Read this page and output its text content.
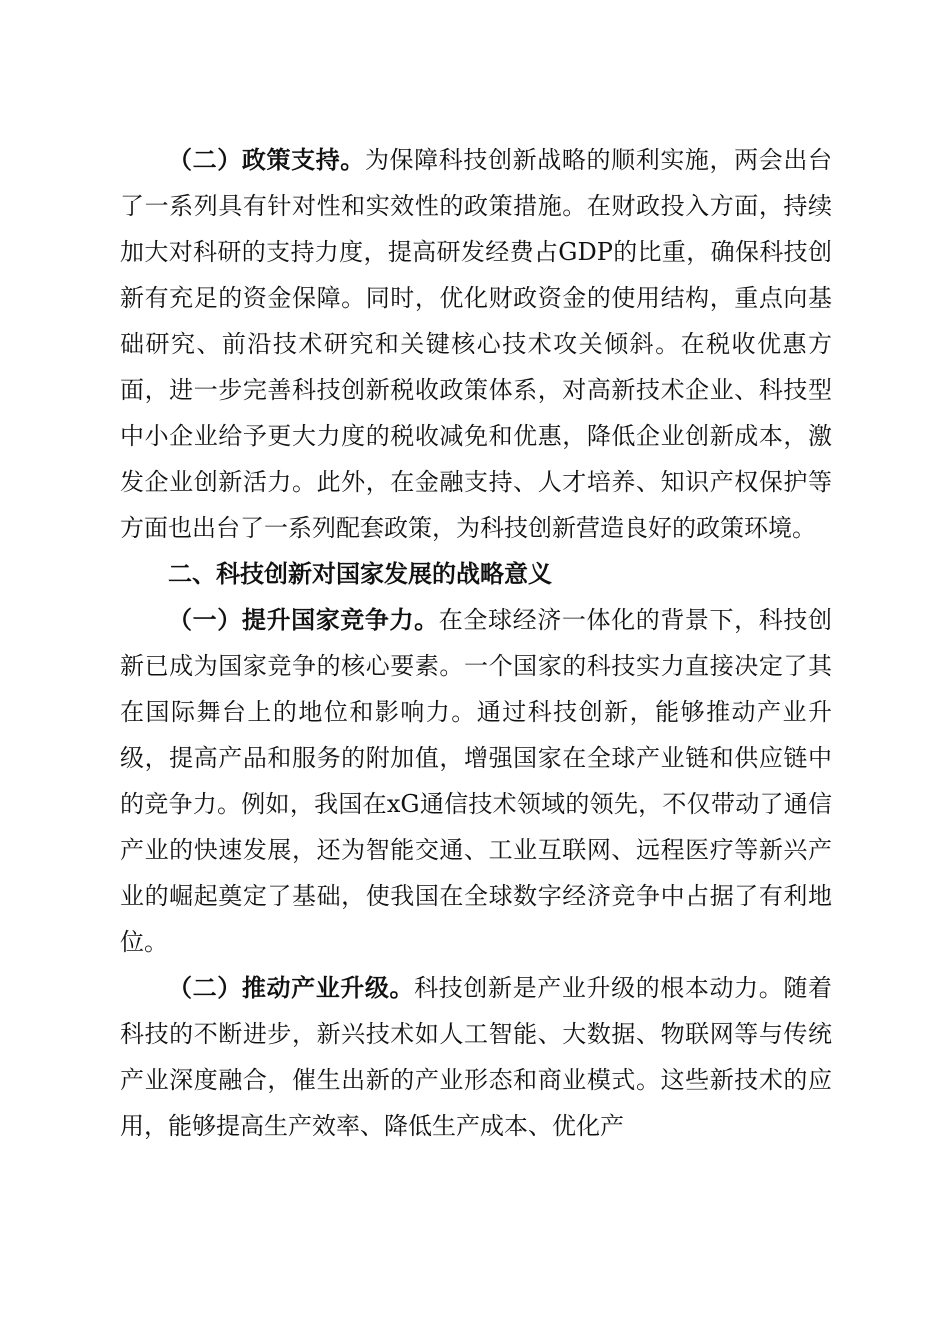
（二）政策支持。为保障科技创新战略的顺利实施，两会出台了一系列具有针对性和实效性的政策措施。在财政投入方面，持续加大对科研的支持力度，提高研发经费占GDP的比重，确保科技创新有充足的资金保障。同时，优化财政资金的使用结构，重点向基础研究、前沿技术研究和关键核心技术攻关倾斜。在税收优惠方面，进一步完善科技创新税收政策体系，对高新技术企业、科技型中小企业给予更大力度的税收减免和优惠，降低企业创新成本，激发企业创新活力。此外，在金融支持、人才培养、知识产权保护等方面也出台了一系列配套政策，为科技创新营造良好的政策环境。

二、科技创新对国家发展的战略意义

（一）提升国家竞争力。在全球经济一体化的背景下，科技创新已成为国家竞争的核心要素。一个国家的科技实力直接决定了其在国际舞台上的地位和影响力。通过科技创新，能够推动产业升级，提高产品和服务的附加值，增强国家在全球产业链和供应链中的竞争力。例如，我国在xG通信技术领域的领先，不仅带动了通信产业的快速发展，还为智能交通、工业互联网、远程医疗等新兴产业的崛起奠定了基础，使我国在全球数字经济竞争中占据了有利地位。

（二）推动产业升级。科技创新是产业升级的根本动力。随着科技的不断进步，新兴技术如人工智能、大数据、物联网等与传统产业深度融合，催生出新的产业形态和商业模式。这些新技术的应用，能够提高生产效率、降低生产成本、优化产
